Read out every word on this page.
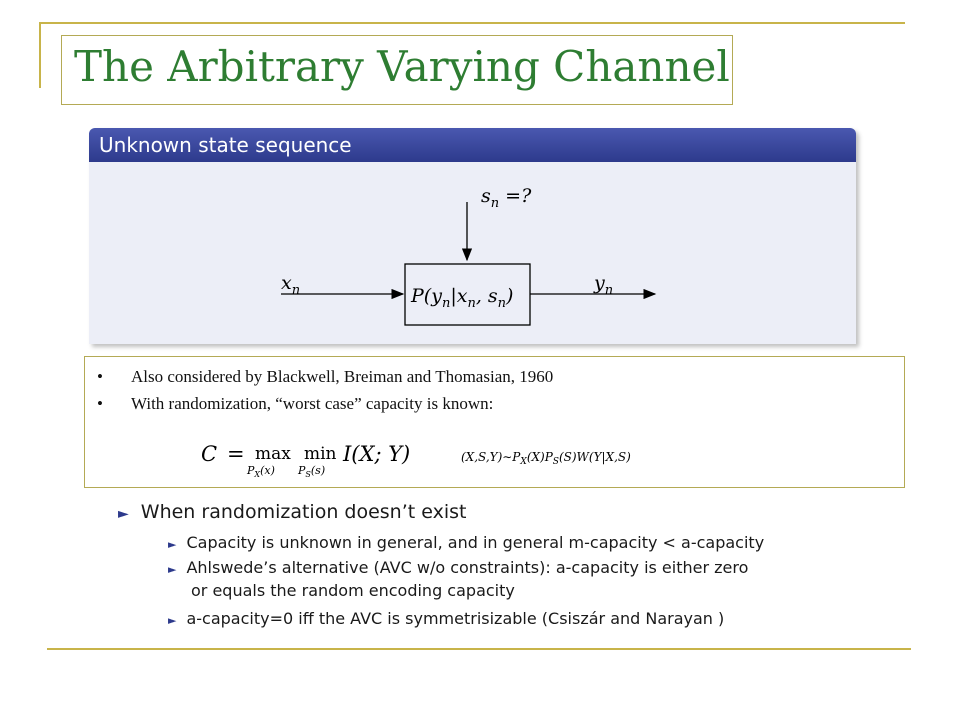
The Arbitrary Varying Channel
Unknown state sequence
$s_n$ =?
$x_n$	$P(y_n|x_n$, $s_n$)
$y_n$
• Also considered by Blackwell, Breiman and Thomasian, 1960
• With randomization, “worst case” capacity is known:
C = max
$P_X(x)$
min
$P_S(s)$
I(X; Y)	$(X,S,Y)\sim P_X(X)P_S(S)W(Y|X,S)$
► When randomization doesn’t exist
► Capacity is unknown in general, and in general m-capacity < a-capacity
► Ahlswede’s alternative (AVC w/o constraints): a-capacity is either zero
or equals the random encoding capacity
► a-capacity=0 iff the AVC is symmetrisizable (Csiszár and Narayan )
